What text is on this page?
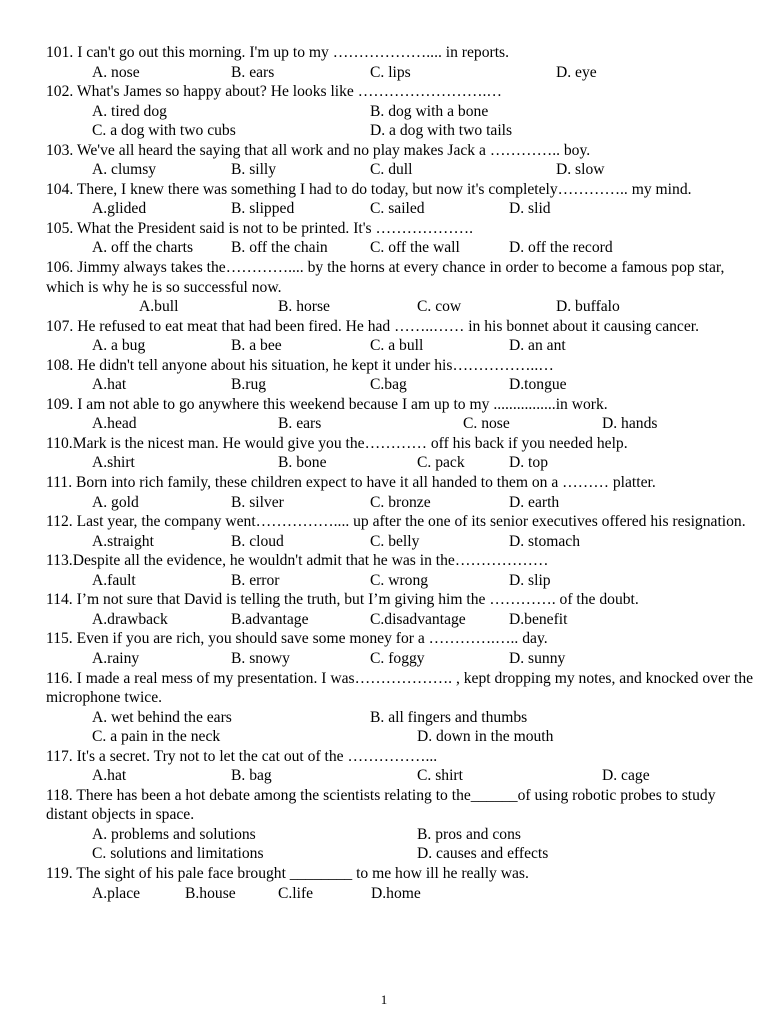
101. I can't go out this morning. I'm up to my ……………….... in reports.
A. nose	B. ears	C. lips	D. eye
102. What's James so happy about? He looks like …………………….…
A. tired dog	B. dog with a bone
C. a dog with two cubs	D. a dog with two tails
103. We've all heard the saying that all work and no play makes Jack a ………….. boy.
A. clumsy	B. silly	C. dull	D. slow
104. There, I knew there was something I had to do today, but now it's completely………….. my mind.
A.glided	B. slipped	C. sailed	D. slid
105. What the President said is not to be printed. It's ……………….
A. off the charts B. off the chain	C. off the wall	D. off the record
106. Jimmy always takes the………….... by the horns at every chance in order to become a famous pop star, which is why he is so successful now.
A.bull	B. horse	C. cow	D. buffalo
107. He refused to eat meat that had been fired. He had ……..…… in his bonnet about it causing cancer.
A. a bug	B. a bee	C. a bull	D. an ant
108. He didn't tell anyone about his situation, he kept it under his……………..…
A.hat	B.rug	C.bag	D.tongue
109. I am not able to go anywhere this weekend because I am up to my ................in work.
A.head	B. ears	C. nose	D. hands
110.Mark is the nicest man. He would give you the………… off his back if you needed help.
A.shirt	B. bone	C. pack	D. top
111. Born into rich family, these children expect to have it all handed to them on a ……… platter.
A. gold	B. silver	C. bronze	D. earth
112. Last year, the company went…………….... up after the one of its senior executives offered his resignation.
A.straight	B. cloud	C. belly	D. stomach
113.Despite all the evidence, he wouldn't admit that he was in the………………
A.fault	B. error	C. wrong	D. slip
114. I’m not sure that David is telling the truth, but I’m giving him the …………. of the doubt.
A.drawback	B.advantage	C.disadvantage	D.benefit
115. Even if you are rich, you should save some money for a ………….….. day.
A.rainy	B. snowy	C. foggy	D. sunny
116. I made a real mess of my presentation. I was………………. , kept dropping my notes, and knocked over the microphone twice.
A. wet behind the ears	B. all fingers and thumbs
C. a pain in the neck	D. down in the mouth
117. It's a secret. Try not to let the cat out of the ……………...
A.hat	B. bag	C. shirt	D. cage
118. There has been a hot debate among the scientists relating to the______of using robotic probes to study
distant objects in space.
A. problems and solutions	B. pros and cons
C. solutions and limitations	D. causes and effects
119. The sight of his pale face brought ________ to me how ill he really was.
A.place	B.house	C.life	D.home
1
